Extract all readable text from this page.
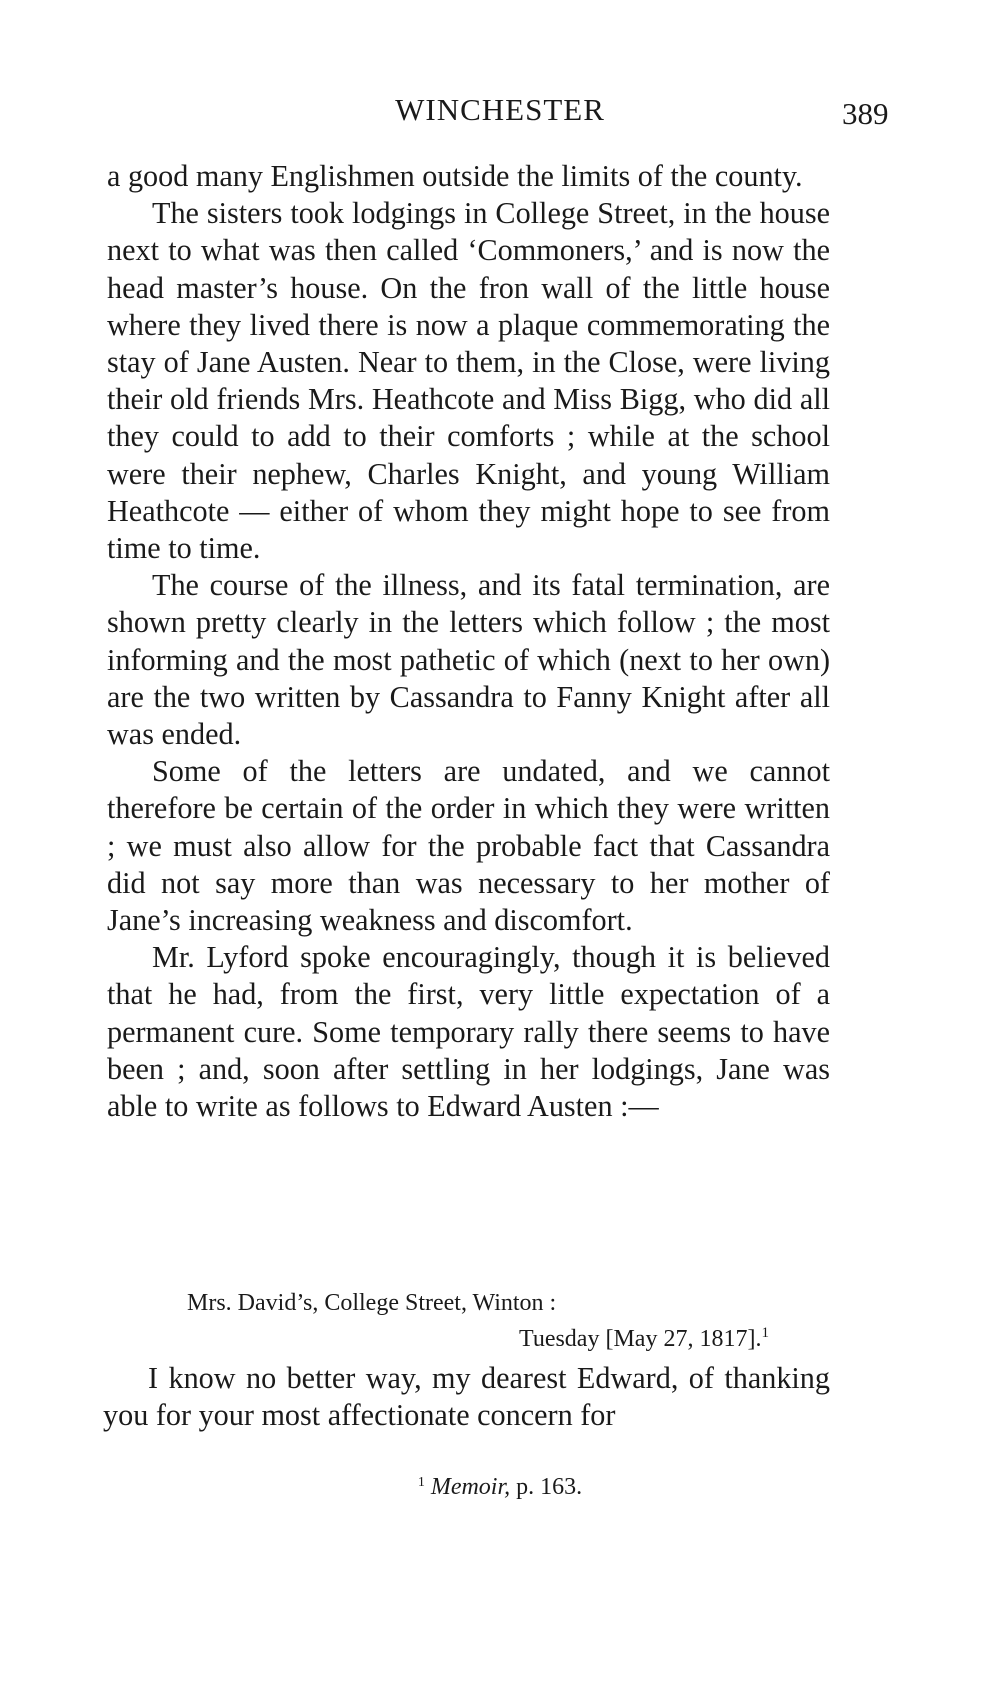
WINCHESTER	389

a good many Englishmen outside the limits of the county.

The sisters took lodgings in College Street, in the house next to what was then called ‘Commoners,’ and is now the head master’s house. On the fron wall of the little house where they lived there is now a plaque commemorating the stay of Jane Austen. Near to them, in the Close, were living their old friends Mrs. Heathcote and Miss Bigg, who did all they could to add to their comforts ; while at the school were their nephew, Charles Knight, and young William Heathcote — either of whom they might hope to see from time to time.

The course of the illness, and its fatal termination, are shown pretty clearly in the letters which follow ; the most informing and the most pathetic of which (next to her own) are the two written by Cassandra to Fanny Knight after all was ended.

Some of the letters are undated, and we cannot therefore be certain of the order in which they were written ; we must also allow for the probable fact that Cassandra did not say more than was necessary to her mother of Jane’s increasing weakness and discomfort.

Mr. Lyford spoke encouragingly, though it is believed that he had, from the first, very little expectation of a permanent cure. Some temporary rally there seems to have been ; and, soon after settling in her lodgings, Jane was able to write as follows to Edward Austen :—

Mrs. David’s, College Street, Winton :
Tuesday [May 27, 1817].$^1$

I know no better way, my dearest Edward, of thanking you for your most affectionate concern for

$^1$ Memoir, p. 163.
